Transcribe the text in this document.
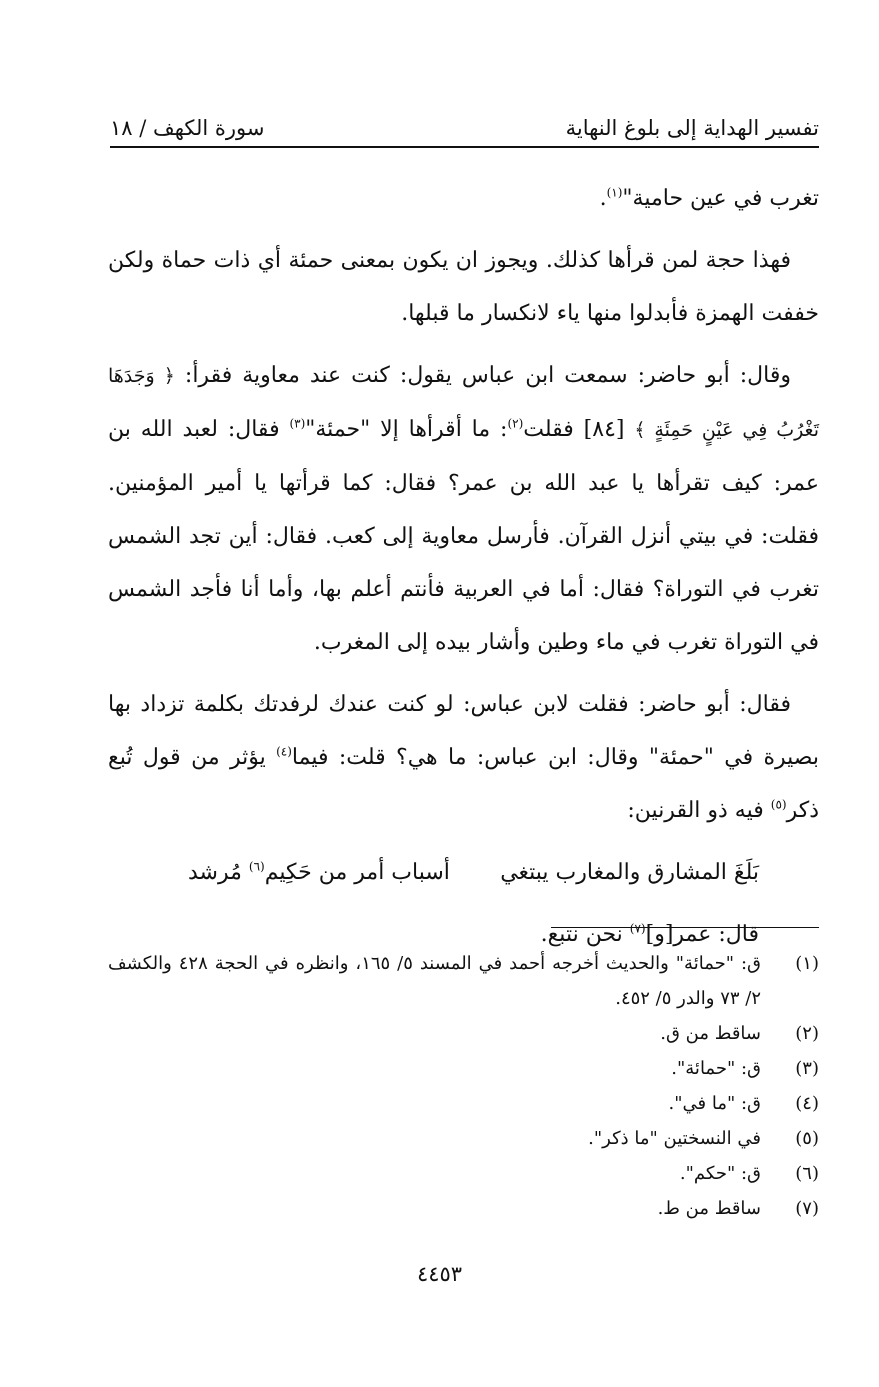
تفسير الهداية إلى بلوغ النهاية
سورة الكهف / ١٨

تغرب في عين حامية"$^{(١)}$.

فهذا حجة لمن قرأها كذلك. ويجوز ان يكون بمعنى حمئة أي ذات حماة ولكن خففت الهمزة فأبدلوا منها ياء لانكسار ما قبلها.

وقال: أبو حاضر: سمعت ابن عباس يقول: كنت عند معاوية فقرأ: ﴿ وَجَدَهَا تَغْرُبُ فِي عَيْنٍ حَمِئَةٍ ﴾ [٨٤] فقلت$^{(٢)}$: ما أقرأها إلا "حمئة"$^{(٣)}$ فقال: لعبد الله بن عمر: كيف تقرأها يا عبد الله بن عمر؟ فقال: كما قرأتها يا أمير المؤمنين. فقلت: في بيتي أنزل القرآن. فأرسل معاوية إلى كعب. فقال: أين تجد الشمس تغرب في التوراة؟ فقال: أما في العربية فأنتم أعلم بها، وأما أنا فأجد الشمس في التوراة تغرب في ماء وطين وأشار بيده إلى المغرب.

فقال: أبو حاضر: فقلت لابن عباس: لو كنت عندك لرفدتك بكلمة تزداد بها بصيرة في "حمئة" وقال: ابن عباس: ما هي؟ قلت: فيما$^{(٤)}$ يؤثر من قول تُبع ذكر$^{(٥)}$ فيه ذو القرنين:

بَلَغَ المشارق والمغارب يبتغي
أسباب أمر من حَكِيم$^{(٦)}$ مُرشد

قال: عمر[و]$^{(٧)}$ نحن نتبع.

(١)
ق: "حمائة" والحديث أخرجه أحمد في المسند ٥/ ١٦٥، وانظره في الحجة ٤٢٨ والكشف ٢/ ٧٣ والدر ٥/ ٤٥٢.

(٢)
ساقط من ق.

(٣)
ق: "حمائة".

(٤)
ق: "ما في".

(٥)
في النسختين "ما ذكر".

(٦)
ق: "حكم".

(٧)
ساقط من ط.

٤٤٥٣
